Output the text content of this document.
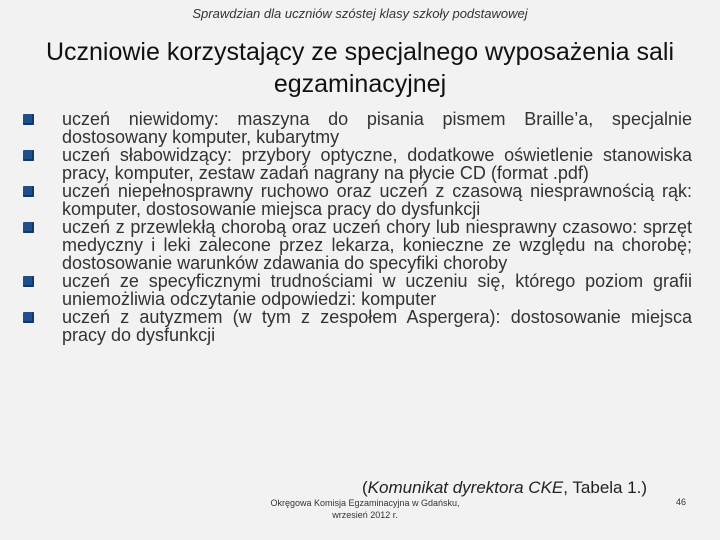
Sprawdzian dla uczniów szóstej klasy szkoły podstawowej
Uczniowie korzystający ze specjalnego wyposażenia sali egzaminacyjnej
uczeń niewidomy: maszyna do pisania pismem Braille’a, specjalnie dostosowany komputer, kubarytmy
uczeń słabowidzący: przybory optyczne, dodatkowe oświetlenie stanowiska pracy, komputer, zestaw zadań nagrany na płycie CD (format .pdf)
uczeń niepełnosprawny ruchowo oraz uczeń z czasową niesprawnością rąk: komputer, dostosowanie miejsca pracy do dysfunkcji
uczeń z przewlekłą chorobą oraz uczeń chory lub niesprawny czasowo: sprzęt medyczny i leki zalecone przez lekarza, konieczne ze względu na chorobę; dostosowanie warunków zdawania do specyfiki choroby
uczeń ze specyficznymi trudnościami w uczeniu się, którego poziom grafii uniemożliwia odczytanie odpowiedzi: komputer
uczeń z autyzmem (w tym z zespołem Aspergera): dostosowanie miejsca pracy do dysfunkcji
(Komunikat dyrektora CKE, Tabela 1.)
Okręgowa Komisja Egzaminacyjna w Gdańsku,
wrzesień 2012 r.
46
